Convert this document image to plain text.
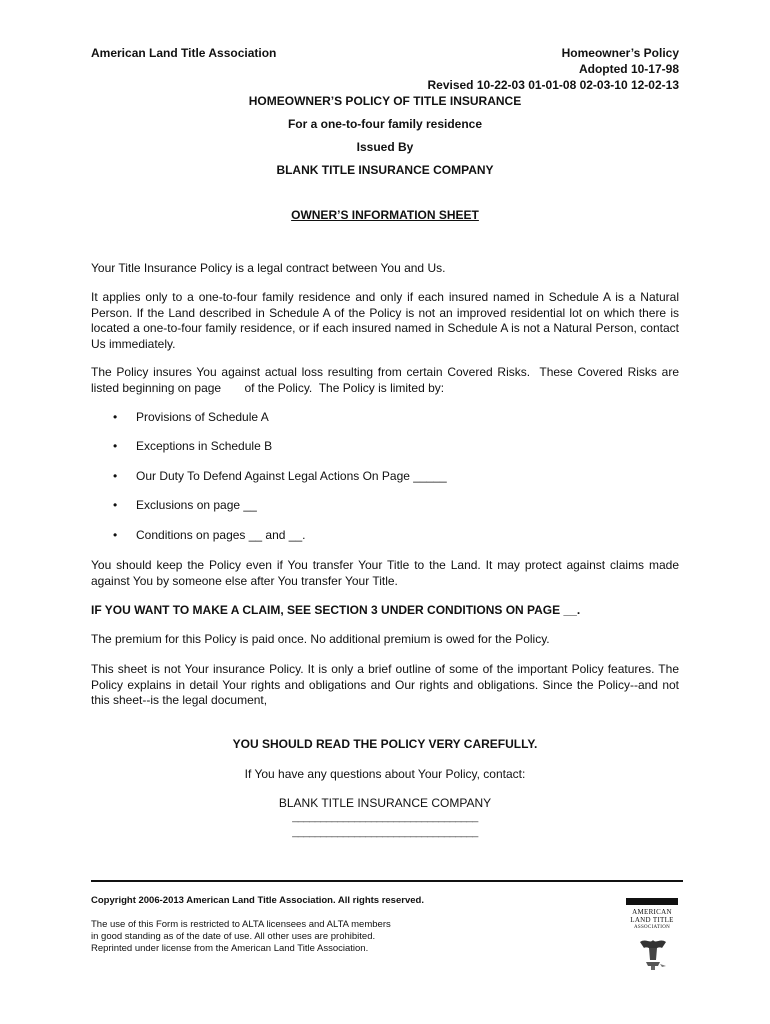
American Land Title Association	Homeowner’s Policy
Adopted 10-17-98
Revised 10-22-03 01-01-08 02-03-10 12-02-13
HOMEOWNER’S POLICY OF TITLE INSURANCE
For a one-to-four family residence
Issued By
BLANK TITLE INSURANCE COMPANY
OWNER’S INFORMATION SHEET
Your Title Insurance Policy is a legal contract between You and Us.
It applies only to a one-to-four family residence and only if each insured named in Schedule A is a Natural Person. If the Land described in Schedule A of the Policy is not an improved residential lot on which there is located a one-to-four family residence, or if each insured named in Schedule A is not a Natural Person, contact Us immediately.
The Policy insures You against actual loss resulting from certain Covered Risks.  These Covered Risks are listed beginning on page       of the Policy.  The Policy is limited by:
• Provisions of Schedule A
• Exceptions in Schedule B
• Our Duty To Defend Against Legal Actions On Page _____
• Exclusions on page __
• Conditions on pages __ and __.
You should keep the Policy even if You transfer Your Title to the Land. It may protect against claims made against You by someone else after You transfer Your Title.
IF YOU WANT TO MAKE A CLAIM, SEE SECTION 3 UNDER CONDITIONS ON PAGE __.
The premium for this Policy is paid once. No additional premium is owed for the Policy.
This sheet is not Your insurance Policy. It is only a brief outline of some of the important Policy features. The Policy explains in detail Your rights and obligations and Our rights and obligations. Since the Policy--and not this sheet--is the legal document,
YOU SHOULD READ THE POLICY VERY CAREFULLY.
If You have any questions about Your Policy, contact:
BLANK TITLE INSURANCE COMPANY
_________________________________
_________________________________
Copyright 2006-2013 American Land Title Association. All rights reserved.
The use of this Form is restricted to ALTA licensees and ALTA members
in good standing as of the date of use. All other uses are prohibited.
Reprinted under license from the American Land Title Association.
AMERICAN
LAND TITLE
ASSOCIATION
